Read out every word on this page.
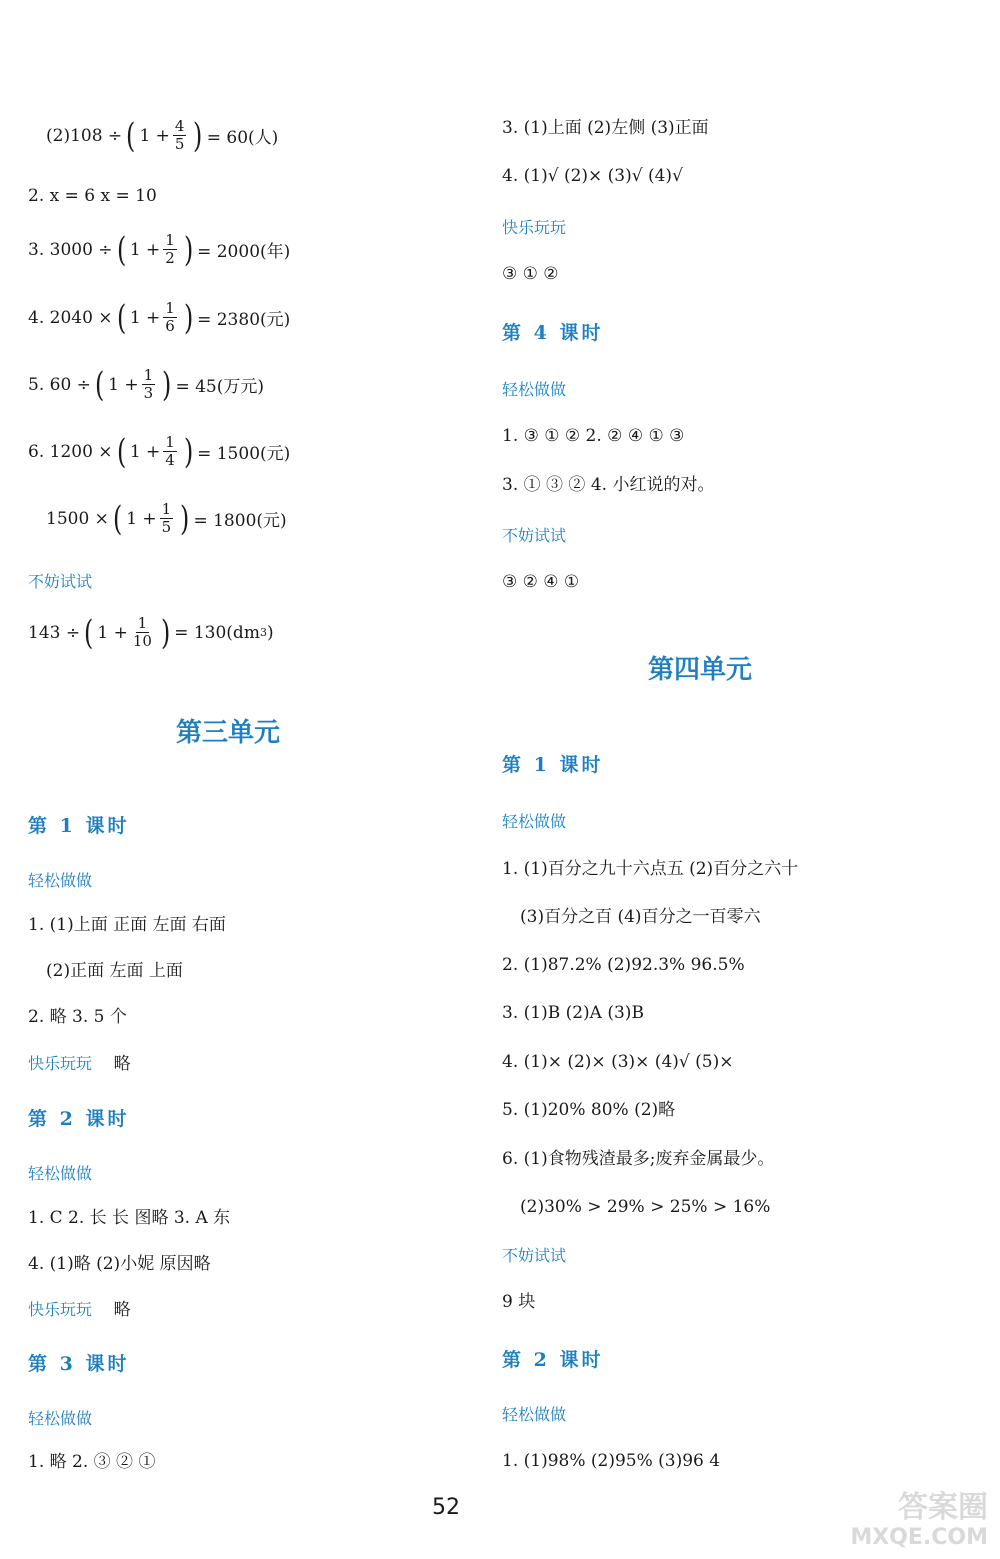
(2)108 ÷ ( $1 + \frac{4}{5}$ ) = 60(人)
2. x = 6 x = 10
3. 3000 ÷ ( $1 + \frac{1}{2}$ ) = 2000(年)
4. 2040 × ( $1 + \frac{1}{6}$ ) = 2380(元)
5. 60 ÷ ( $1 + \frac{1}{3}$ ) = 45(万元)
6. 1200 × ( $1 + \frac{1}{4}$ ) = 1500(元)
1500 × ( $1 + \frac{1}{5}$ ) = 1800(元)
不妨试试
143 ÷ ( $1 + \frac{1}{10}$ ) = 130(dm 3 )
第三单元
第 1 课时
轻松做做
1. (1)上面 正面 左面 右面
(2)正面 左面 上面
2. 略 3. 5 个
快乐玩玩 略
第 2 课时
轻松做做
1. C 2. 长 长 图略 3. A 东
4. (1)略 (2)小妮 原因略
快乐玩玩 略
第 3 课时
轻松做做
1. 略 2. ③ ② ①
3. (1)上面 (2)左侧 (3)正面
4. (1)√ (2)× (3)√ (4)√
快乐玩玩
③ ① ②
第 4 课时
轻松做做
1. ③ ① ② 2. ② ④ ① ③
3. ① ③ ② 4. 小红说的对。
不妨试试
③ ② ④ ①
第四单元
第 1 课时
轻松做做
1. (1)百分之九十六点五 (2)百分之六十
(3)百分之百 (4)百分之一百零六
2. (1)87.2% (2)92.3% 96.5%
3. (1)B (2)A (3)B
4. (1)× (2)× (3)× (4)√ (5)×
5. (1)20% 80% (2)略
6. (1)食物残渣最多;废弃金属最少。
(2)30% > 29% > 25% > 16%
不妨试试
9 块
第 2 课时
轻松做做
1. (1)98% (2)95% (3)96 4
52	答案圈
MXQE.COM
